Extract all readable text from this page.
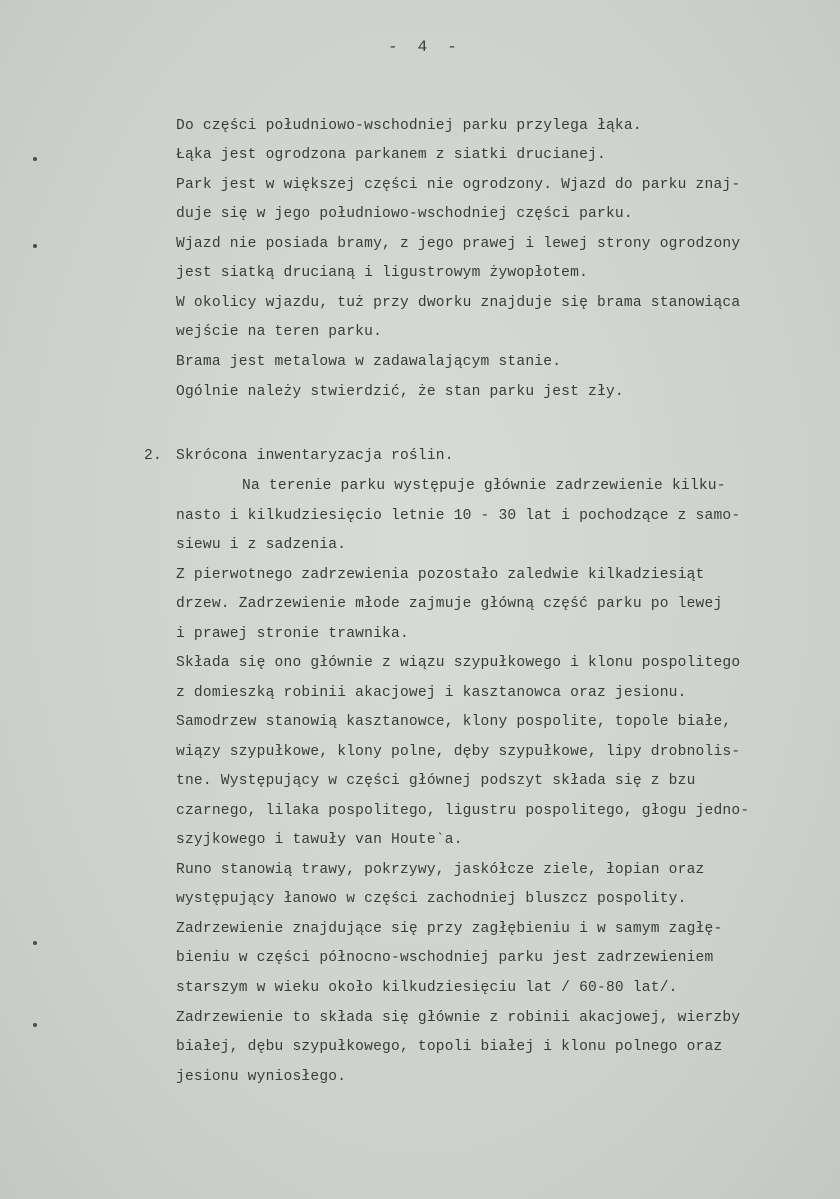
- 4 -
Do części południowo-wschodniej parku przylega łąka.
Łąka jest ogrodzona parkanem z siatki drucianej.
Park jest w większej części nie ogrodzony. Wjazd do parku znaj-
duje się w jego południowo-wschodniej części parku.
Wjazd nie posiada bramy, z jego prawej i lewej strony ogrodzony
jest siatką drucianą i ligustrowym żywopłotem.
W okolicy wjazdu, tuż przy dworku znajduje się brama stanowiąca
wejście na teren parku.
Brama jest metalowa w zadawalającym stanie.
Ogólnie należy stwierdzić, że stan parku jest zły.
2. Skrócona inwentaryzacja roślin.
Na terenie parku występuje głównie zadrzewienie kilku-
nasto i kilkudziesięcio letnie 10 - 30 lat i pochodzące z samo-
siewu i z sadzenia.
Z pierwotnego zadrzewienia pozostało zaledwie kilkadziesiąt
drzew. Zadrzewienie młode zajmuje główną część parku po lewej
i prawej stronie trawnika.
Składa się ono głównie z wiązu szypułkowego i klonu pospolitego
z domieszką robinii akacjowej i kasztanowca oraz jesionu.
Samodrzew stanowią kasztanowce, klony pospolite, topole białe,
wiązy szypułkowe, klony polne, dęby szypułkowe, lipy drobnolis-
tne. Występujący w części głównej podszyt składa się z bzu
czarnego, lilaka pospolitego, ligustru pospolitego, głogu jedno-
szyjkowego i tawuły van Houte`a.
Runo stanowią trawy, pokrzywy, jaskółcze ziele, łopian oraz
występujący łanowo w części zachodniej bluszcz pospolity.
Zadrzewienie znajdujące się przy zagłębieniu i w samym zagłę-
bieniu w części północno-wschodniej parku jest zadrzewieniem
starszym w wieku około kilkudziesięciu lat / 60-80 lat/.
Zadrzewienie to składa się głównie z robinii akacjowej, wierzby
białej, dębu szypułkowego, topoli białej i klonu polnego oraz
jesionu wyniosłego.
